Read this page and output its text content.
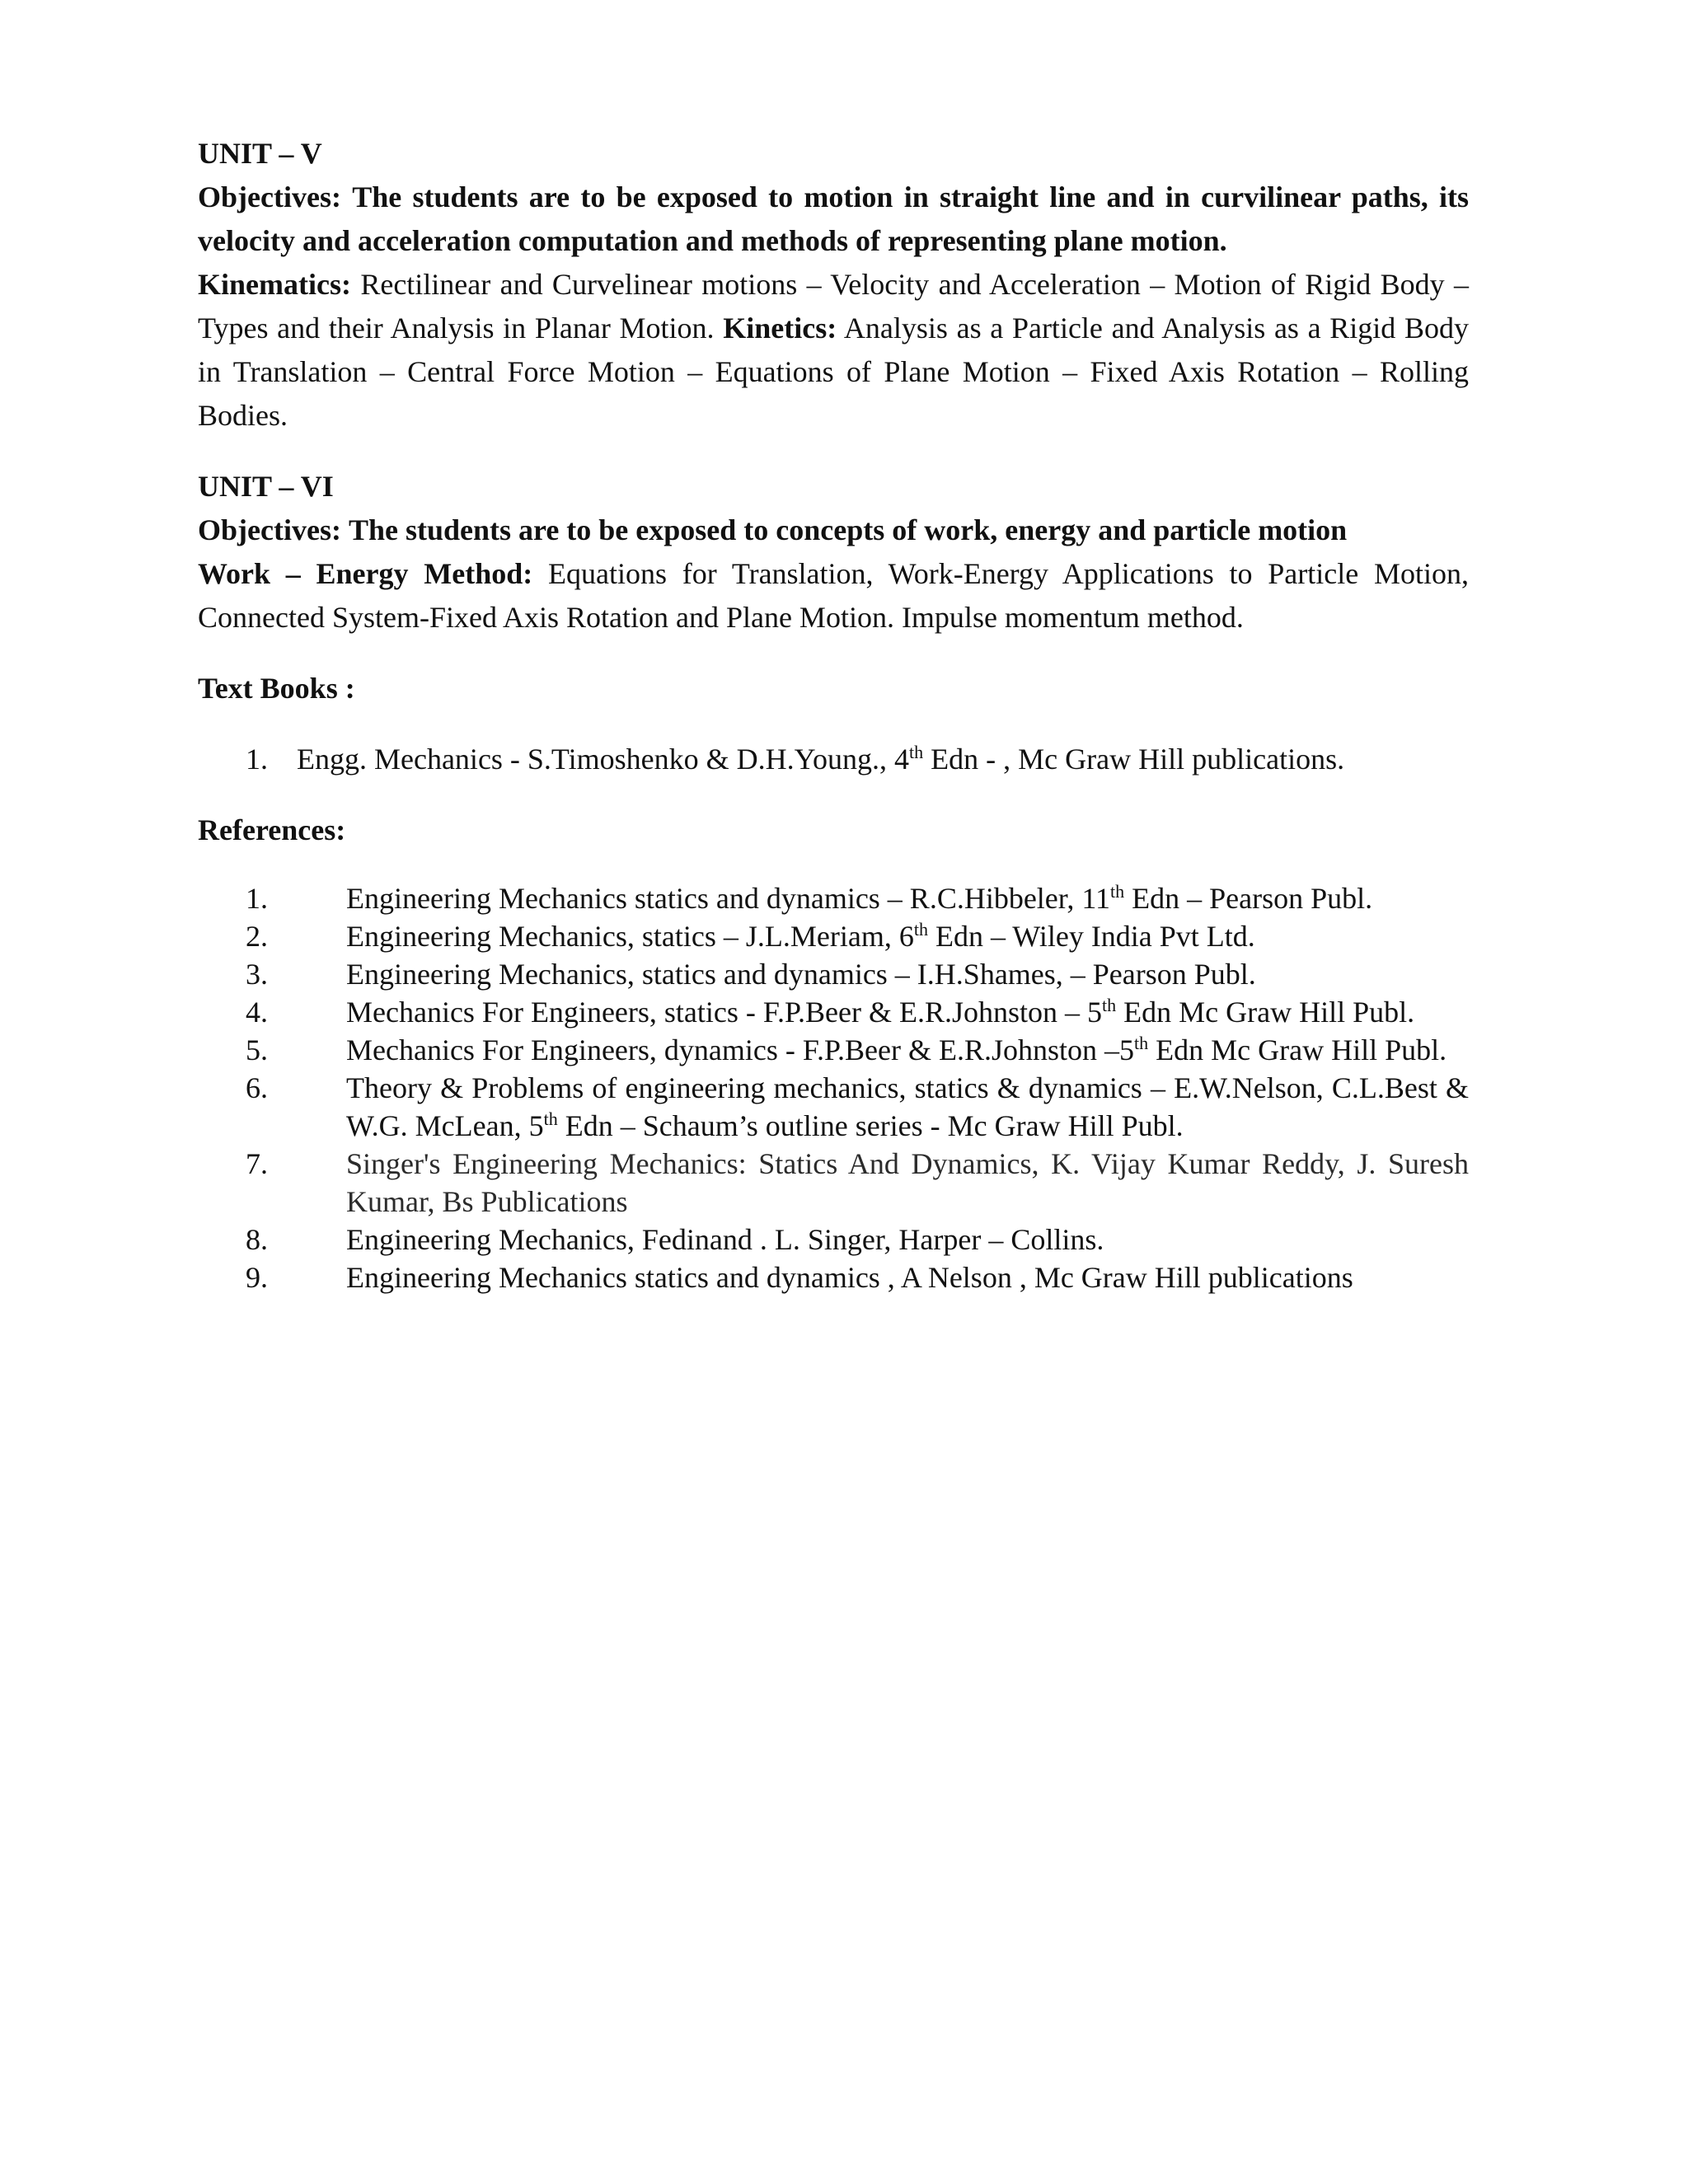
UNIT – V

Objectives: The students are to be exposed to motion in straight line and in curvilinear paths, its velocity and acceleration computation and methods of representing plane motion.

Kinematics: Rectilinear and Curvelinear motions – Velocity and Acceleration – Motion of Rigid Body – Types and their Analysis in Planar Motion. Kinetics: Analysis as a Particle and Analysis as a Rigid Body in Translation – Central Force Motion – Equations of Plane Motion – Fixed Axis Rotation – Rolling Bodies.

UNIT – VI

Objectives: The students are to be exposed to concepts of work, energy and particle motion

Work – Energy Method: Equations for Translation, Work-Energy Applications to Particle Motion, Connected System-Fixed Axis Rotation and Plane Motion. Impulse momentum method.

Text Books :
1. Engg. Mechanics - S.Timoshenko & D.H.Young., 4th Edn - , Mc Graw Hill publications.
References:
1.	Engineering Mechanics statics and dynamics – R.C.Hibbeler, 11th Edn – Pearson Publ.
2.	Engineering Mechanics, statics – J.L.Meriam, 6th Edn – Wiley India Pvt Ltd.
3.	Engineering Mechanics, statics and dynamics – I.H.Shames, – Pearson Publ.
4.	Mechanics For Engineers, statics - F.P.Beer & E.R.Johnston – 5th Edn Mc Graw Hill Publ.
5.	Mechanics For Engineers, dynamics - F.P.Beer & E.R.Johnston –5th Edn Mc Graw Hill Publ.
6.	Theory & Problems of engineering mechanics, statics & dynamics – E.W.Nelson, C.L.Best & W.G. McLean, 5th Edn – Schaum’s outline series - Mc Graw Hill Publ.
7.	Singer's Engineering Mechanics: Statics And Dynamics, K. Vijay Kumar Reddy, J. Suresh Kumar, Bs Publications
8.	Engineering Mechanics, Fedinand . L. Singer, Harper – Collins.
9.	Engineering Mechanics statics and dynamics , A Nelson , Mc Graw Hill publications
